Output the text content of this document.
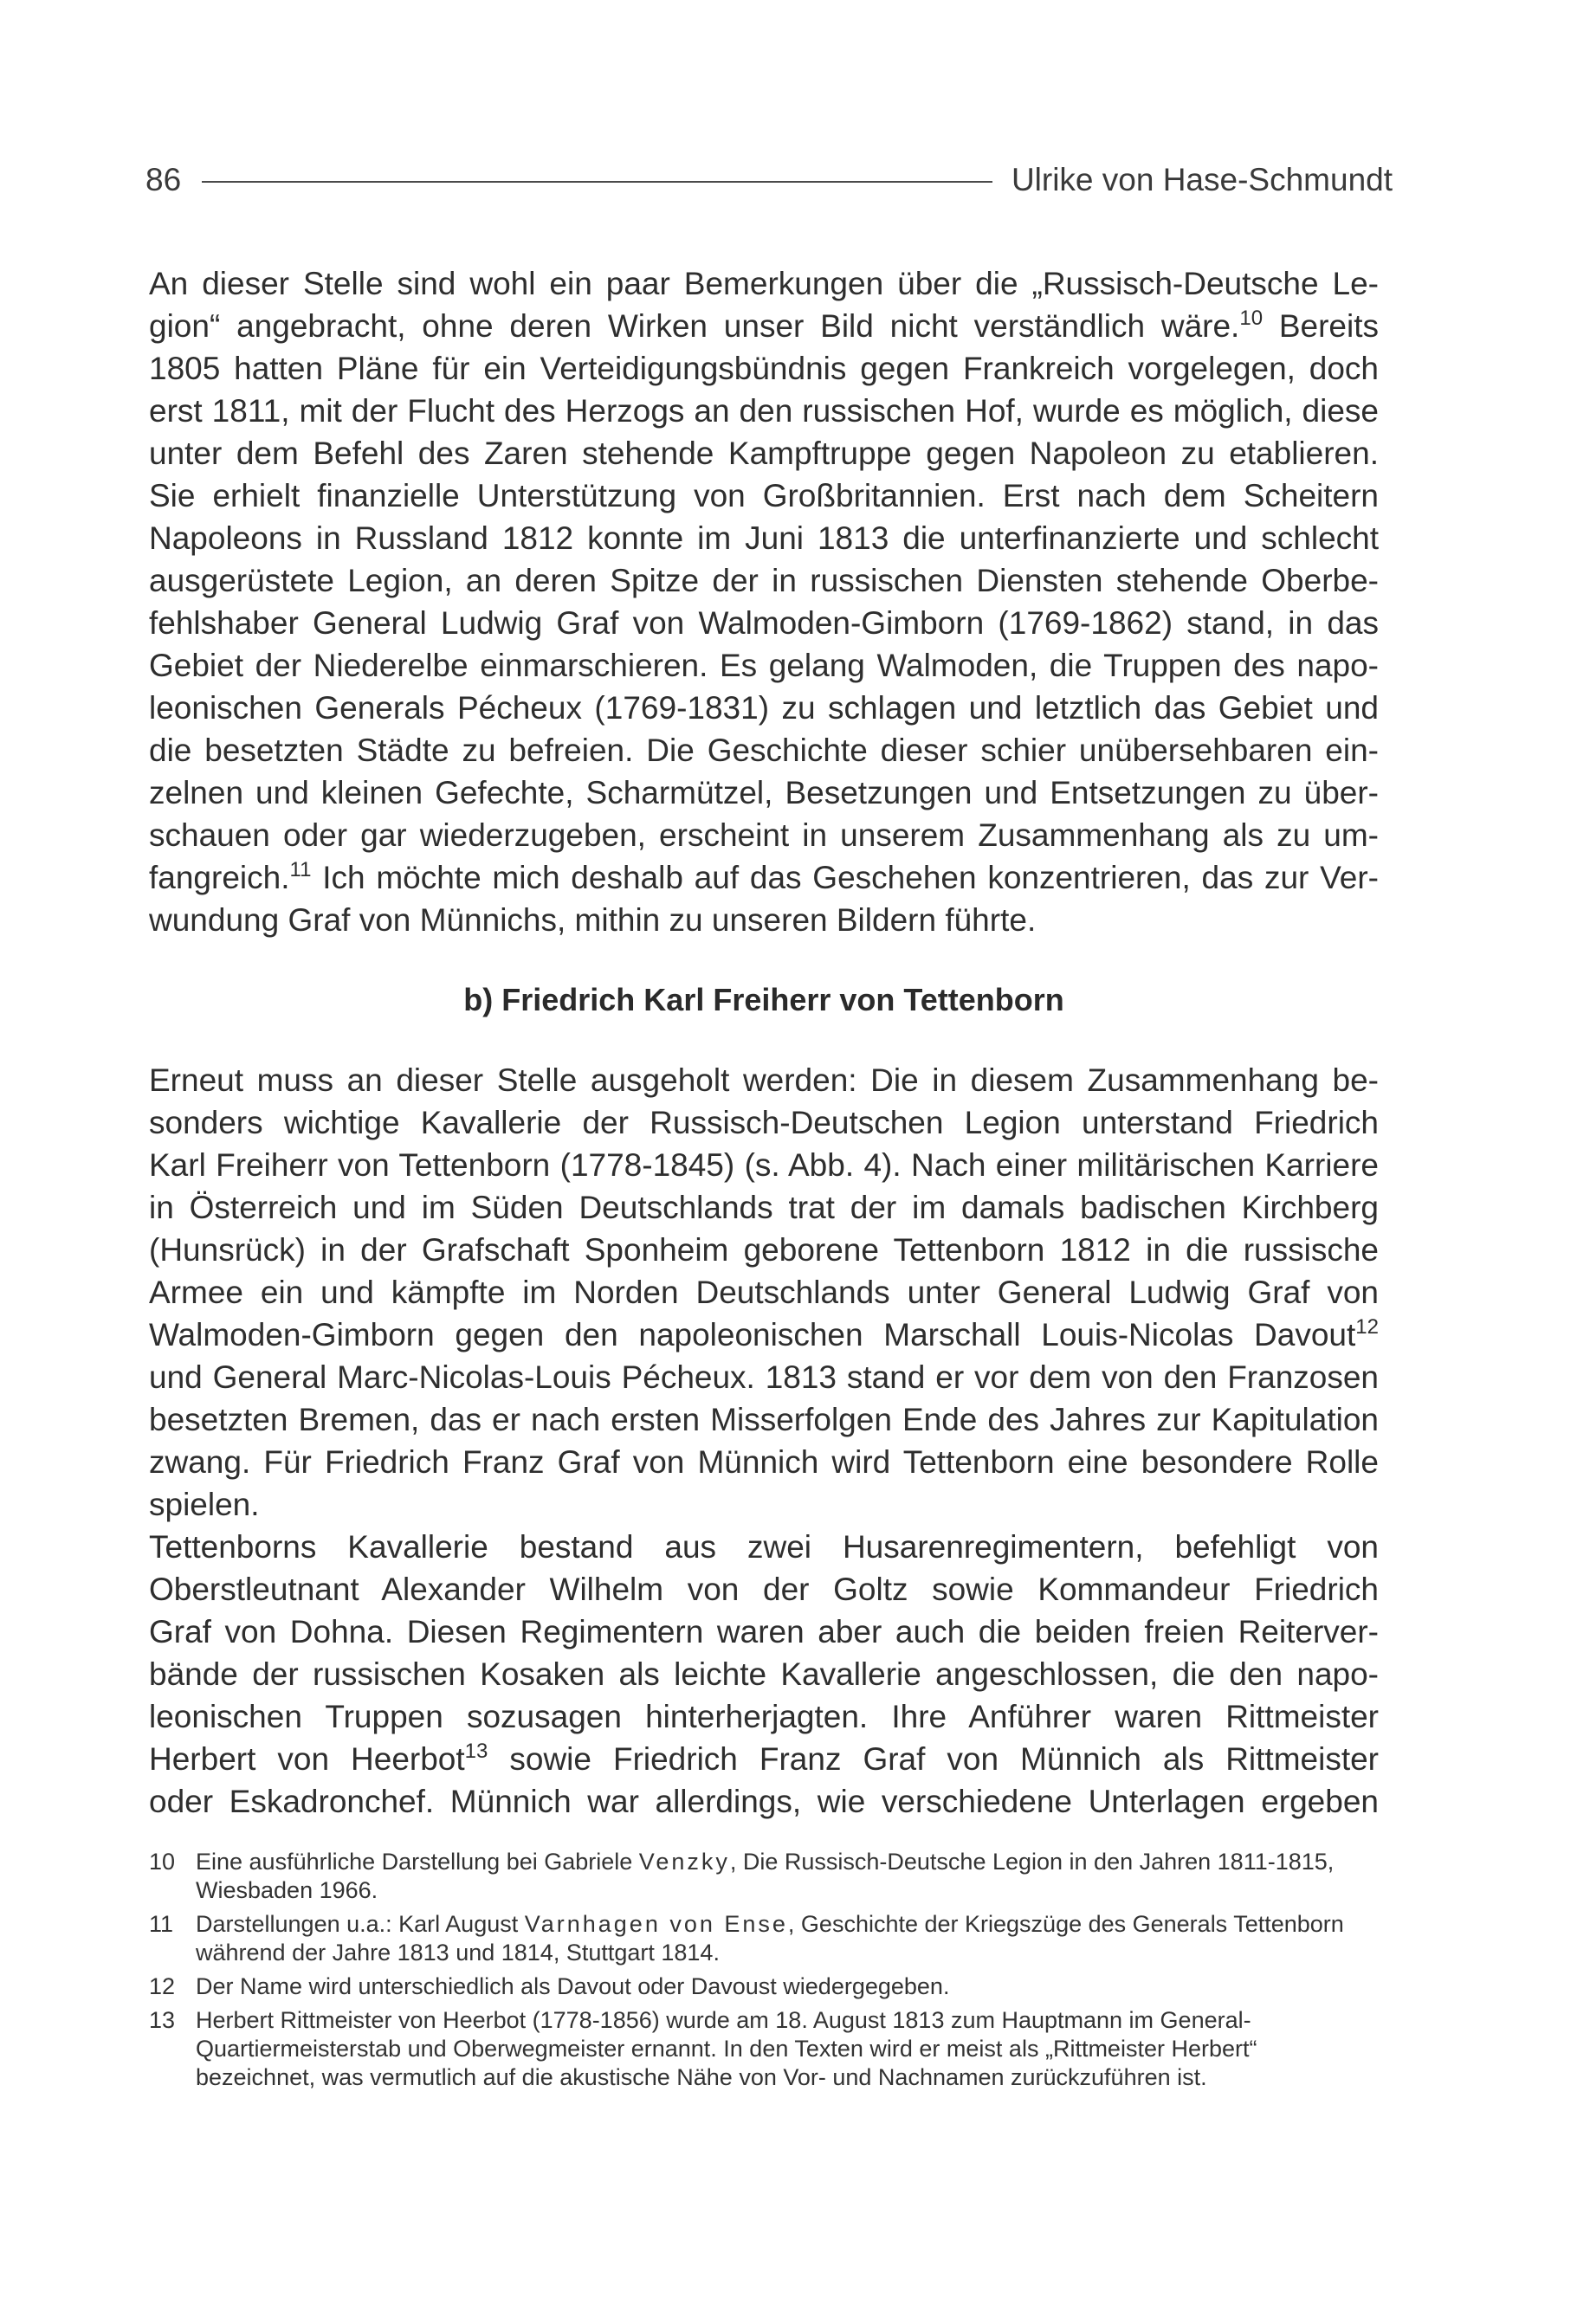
86	Ulrike von Hase-Schmundt
An dieser Stelle sind wohl ein paar Bemerkungen über die „Russisch-Deutsche Le-
gion“ angebracht, ohne deren Wirken unser Bild nicht verständlich wäre.$^{10}$ Bereits
1805 hatten Pläne für ein Verteidigungsbündnis gegen Frankreich vorgelegen, doch
erst 1811, mit der Flucht des Herzogs an den russischen Hof, wurde es möglich, diese
unter dem Befehl des Zaren stehende Kampftruppe gegen Napoleon zu etablieren.
Sie erhielt finanzielle Unterstützung von Großbritannien. Erst nach dem Scheitern
Napoleons in Russland 1812 konnte im Juni 1813 die unterfinanzierte und schlecht
ausgerüstete Legion, an deren Spitze der in russischen Diensten stehende Oberbe-
fehlshaber General Ludwig Graf von Walmoden-Gimborn (1769-1862) stand, in das
Gebiet der Niederelbe einmarschieren. Es gelang Walmoden, die Truppen des napo-
leonischen Generals Pécheux (1769-1831) zu schlagen und letztlich das Gebiet und
die besetzten Städte zu befreien. Die Geschichte dieser schier unübersehbaren ein-
zelnen und kleinen Gefechte, Scharmützel, Besetzungen und Entsetzungen zu über-
schauen oder gar wiederzugeben, erscheint in unserem Zusammenhang als zu um-
fangreich.$^{11}$ Ich möchte mich deshalb auf das Geschehen konzentrieren, das zur Ver-
wundung Graf von Münnichs, mithin zu unseren Bildern führte.
b) Friedrich Karl Freiherr von Tettenborn
Erneut muss an dieser Stelle ausgeholt werden: Die in diesem Zusammenhang be-
sonders wichtige Kavallerie der Russisch-Deutschen Legion unterstand Friedrich
Karl Freiherr von Tettenborn (1778-1845) (s. Abb. 4). Nach einer militärischen Karriere
in Österreich und im Süden Deutschlands trat der im damals badischen Kirchberg
(Hunsrück) in der Grafschaft Sponheim geborene Tettenborn 1812 in die russische
Armee ein und kämpfte im Norden Deutschlands unter General Ludwig Graf von
Walmoden-Gimborn gegen den napoleonischen Marschall Louis-Nicolas Davout$^{12}$
und General Marc-Nicolas-Louis Pécheux. 1813 stand er vor dem von den Franzosen
besetzten Bremen, das er nach ersten Misserfolgen Ende des Jahres zur Kapitulation
zwang. Für Friedrich Franz Graf von Münnich wird Tettenborn eine besondere Rolle
spielen.
Tettenborns Kavallerie bestand aus zwei Husarenregimentern, befehligt von
Oberstleutnant Alexander Wilhelm von der Goltz sowie Kommandeur Friedrich
Graf von Dohna. Diesen Regimentern waren aber auch die beiden freien Reiterver-
bände der russischen Kosaken als leichte Kavallerie angeschlossen, die den napo-
leonischen Truppen sozusagen hinterherjagten. Ihre Anführer waren Rittmeister
Herbert von Heerbot$^{13}$ sowie Friedrich Franz Graf von Münnich als Rittmeister
oder Eskadronchef. Münnich war allerdings, wie verschiedene Unterlagen ergeben
10 Eine ausführliche Darstellung bei Gabriele Venzky, Die Russisch-Deutsche Legion in den Jahren 1811-1815, Wiesbaden 1966.
11 Darstellungen u.a.: Karl August Varnhagen von Ense, Geschichte der Kriegszüge des Generals Tettenborn während der Jahre 1813 und 1814, Stuttgart 1814.
12 Der Name wird unterschiedlich als Davout oder Davoust wiedergegeben.
13 Herbert Rittmeister von Heerbot (1778-1856) wurde am 18. August 1813 zum Hauptmann im General-Quartiermeisterstab und Oberwegmeister ernannt. In den Texten wird er meist als „Rittmeister Herbert“ bezeichnet, was vermutlich auf die akustische Nähe von Vor- und Nachnamen zurückzuführen ist.
